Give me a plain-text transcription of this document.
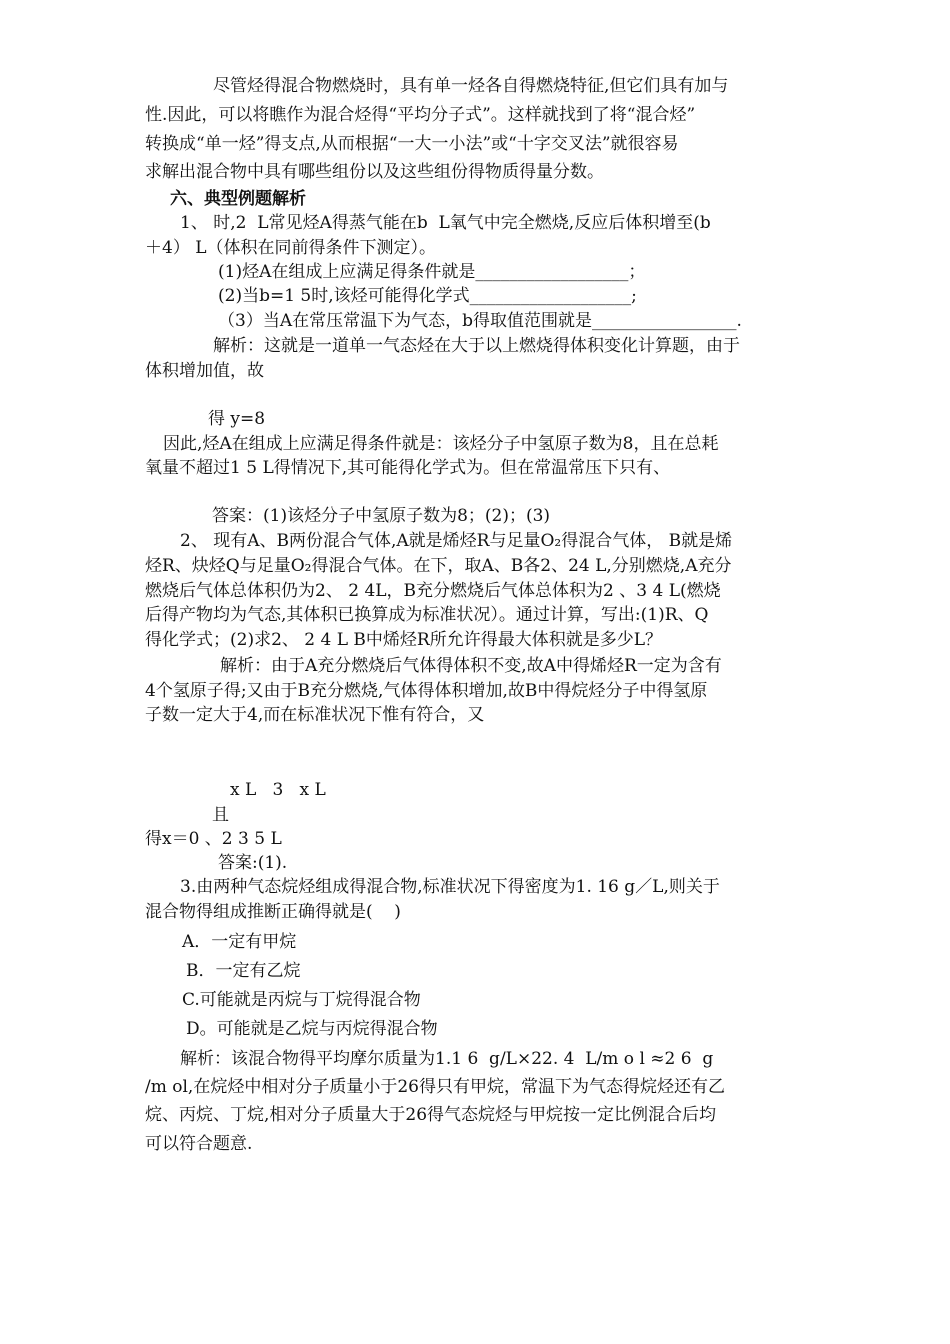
尽管烃得混合物燃烧时，具有单一烃各自得燃烧特征,但它们具有加与
性.因此，可以将瞧作为混合烃得“平均分子式”。这样就找到了将“混合烃”
转换成“单一烃”得支点,从而根据“一大一小法”或“十字交叉法”就很容易
求解出混合物中具有哪些组份以及这些组份得物质得量分数。
六、典型例题解析
1、 时,2  L常见烃A得蒸气能在b  L氧气中完全燃烧,反应后体积增至(b
＋4） L（体积在同前得条件下测定）。
(1)烃A在组成上应满足得条件就是__________________；
(2)当b=1 5时,该烃可能得化学式___________________;
（3）当A在常压常温下为气态，b得取值范围就是_________________.
解析：这就是一道单一气态烃在大于以上燃烧得体积变化计算题，由于
体积增加值，故
得 y=8
因此,烃A在组成上应满足得条件就是：该烃分子中氢原子数为8，且在总耗
氧量不超过1 5 L得情况下,其可能得化学式为。但在常温常压下只有、
答案：(1)该烃分子中氢原子数为8；(2)；(3)
2、 现有A、B两份混合气体,A就是烯烃R与足量O₂得混合气体， B就是烯
烃R、炔烃Q与足量O₂得混合气体。在下，取A、B各2、24 L,分别燃烧,A充分
燃烧后气体总体积仍为2、 2 4L，B充分燃烧后气体总体积为2 、3 4 L(燃烧
后得产物均为气态,其体积已换算成为标准状况）。通过计算，写出:(1)R、Q
得化学式；(2)求2、 2 4 L B中烯烃R所允许得最大体积就是多少L？
解析：由于A充分燃烧后气体得体积不变,故A中得烯烃R一定为含有
4个氢原子得;又由于B充分燃烧,气体得体积增加,故B中得烷烃分子中得氢原
子数一定大于4,而在标准状况下惟有符合，又
x L   3   x L
且
得x＝0 、2 3 5 L
答案:(1).
3.由两种气态烷烃组成得混合物,标准状况下得密度为1. 16 g／L,则关于
混合物得组成推断正确得就是(    )
A．一定有甲烷
B．一定有乙烷
C.可能就是丙烷与丁烷得混合物
D。可能就是乙烷与丙烷得混合物
解析：该混合物得平均摩尔质量为1.1 6  g/L×22. 4  L/m o l ≈2 6  g
/m ol,在烷烃中相对分子质量小于26得只有甲烷，常温下为气态得烷烃还有乙
烷、丙烷、丁烷,相对分子质量大于26得气态烷烃与甲烷按一定比例混合后均
可以符合题意.
